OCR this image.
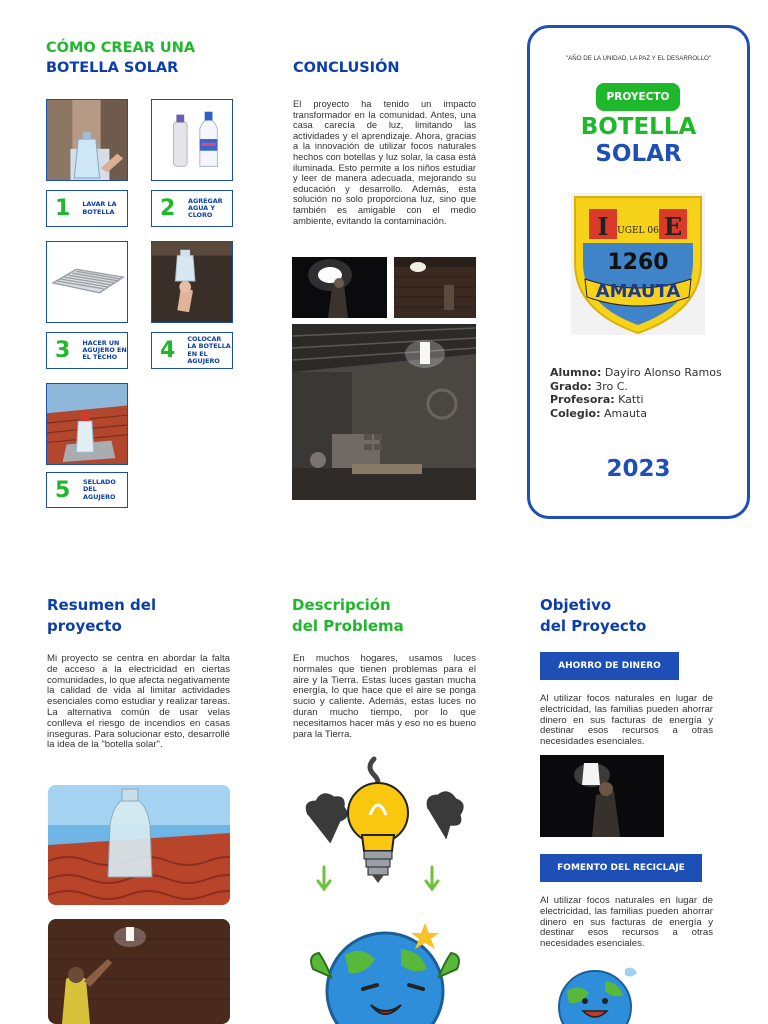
CÓMO CREAR UNA
BOTELLA SOLAR
1	LAVAR LA BOTELLA	2	AGREGAR AGUA Y CLORO
3	HACER UN AGUJERO EN EL TECHO	4	COLOCAR LA BOTELLA EN EL AGUJERO
5	SELLADO DEL AGUJERO
CONCLUSIÓN
El proyecto ha tenido un impacto transformador en la comunidad. Antes, una casa carecía de luz, limitando las actividades y el aprendizaje. Ahora, gracias a la innovación de utilizar focos naturales hechos con botellas y luz solar, la casa está iluminada. Esto permite a los niños estudiar y leer de manera adecuada, mejorando su educación y desarrollo. Además, esta solución no solo proporciona luz, sino que también es amigable con el medio ambiente, evitando la contaminación.
"AÑO DE LA UNIDAD, LA PAZ Y EL DESARROLLO"
PROYECTO
BOTELLA
SOLAR
I E
UGEL 06
1260
AMAUTA
Alumno: Dayiro Alonso Ramos
Grado: 3ro C.
Profesora: Katti
Colegio: Amauta
2023
Resumen del
proyecto
Mi proyecto se centra en abordar la falta de acceso a la electricidad en ciertas comunidades, lo que afecta negativamente la calidad de vida al limitar actividades esenciales como estudiar y realizar tareas. La alternativa común de usar velas conlleva el riesgo de incendios en casas inseguras. Para solucionar esto, desarrollé la idea de la "botella solar".
Descripción
del Problema
En muchos hogares, usamos luces normales que tienen problemas para el aire y la Tierra. Estas luces gastan mucha energía, lo que hace que el aire se ponga sucio y caliente. Además, estas luces no duran mucho tiempo, por lo que necesitamos hacer más y eso no es bueno para la Tierra.
Objetivo
del Proyecto
AHORRO DE DINERO
Al utilizar focos naturales en lugar de electricidad, las familias pueden ahorrar dinero en sus facturas de energía y destinar esos recursos a otras necesidades esenciales.
FOMENTO DEL RECICLAJE
Al utilizar focos naturales en lugar de electricidad, las familias pueden ahorrar dinero en sus facturas de energía y destinar esos recursos a otras necesidades esenciales.
